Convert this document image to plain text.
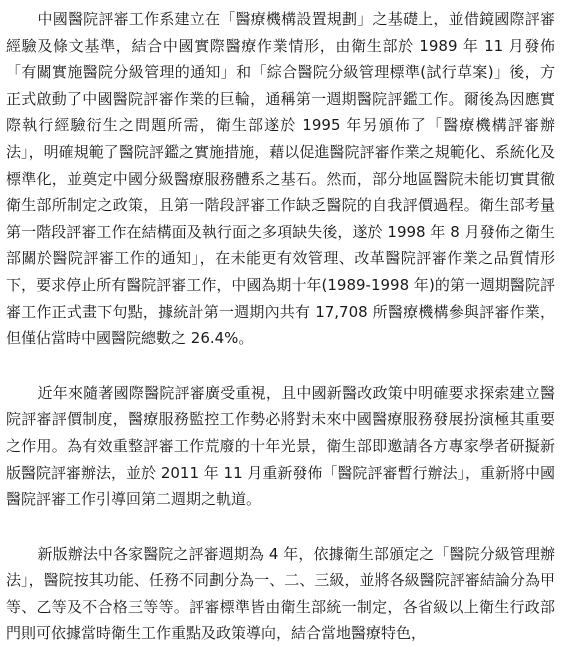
中國醫院評審工作系建立在「醫療機構設置規劃」之基礎上，並借鏡國際評審經驗及條文基準，結合中國實際醫療作業情形，由衛生部於 1989 年 11 月發佈「有關實施醫院分級管理的通知」和「綜合醫院分級管理標準(試行草案)」後，方正式啟動了中國醫院評審作業的巨輪，通稱第一週期醫院評鑑工作。爾後為因應實際執行經驗衍生之問題所需，衛生部遂於 1995 年另頒佈了「醫療機構評審辦法」，明確規範了醫院評鑑之實施措施，藉以促進醫院評審作業之規範化、系統化及標準化，並奠定中國分級醫療服務體系之基石。然而，部分地區醫院未能切實貫徹衛生部所制定之政策，且第一階段評審工作缺乏醫院的自我評價過程。衛生部考量第一階段評審工作在結構面及執行面之多項缺失後，遂於 1998 年 8 月發佈之衛生部關於醫院評審工作的通知」，在未能更有效管理、改革醫院評審作業之品質情形下，要求停止所有醫院評審工作，中國為期十年(1989-1998 年)的第一週期醫院評審工作正式畫下句點，據統計第一週期內共有 17,708 所醫療機構參與評審作業，但僅佔當時中國醫院總數之 26.4%。

近年來隨著國際醫院評審廣受重視，且中國新醫改政策中明確要求探索建立醫院評審評價制度，醫療服務監控工作勢必將對未來中國醫療服務發展扮演極其重要之作用。為有效重整評審工作荒廢的十年光景，衛生部即邀請各方專家學者研擬新版醫院評審辦法，並於 2011 年 11 月重新發佈「醫院評審暫行辦法」，重新將中國醫院評審工作引導回第二週期之軌道。

新版辦法中各家醫院之評審週期為 4 年，依據衛生部頒定之「醫院分級管理辦法」，醫院按其功能、任務不同劃分為一、二、三級，並將各級醫院評審結論分為甲等、乙等及不合格三等等。評審標準皆由衛生部統一制定，各省級以上衛生行政部門則可依據當時衛生工作重點及政策導向，結合當地醫療特色，
